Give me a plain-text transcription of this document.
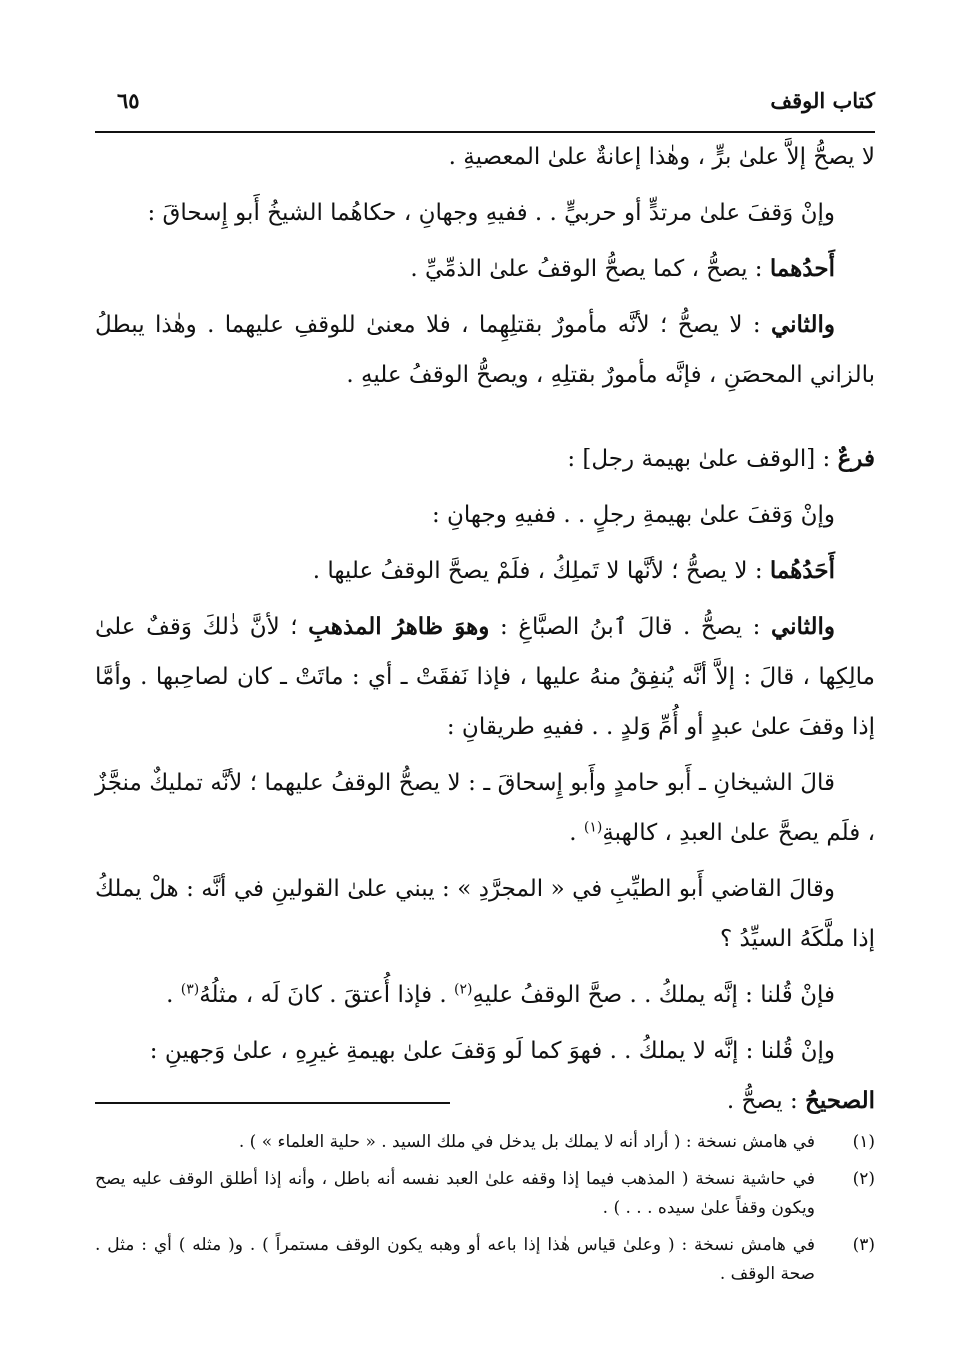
كتاب الوقف
٦٥

لا يصحُّ إلاَّ علىٰ برٍّ ، وهٰذا إعانةٌ علىٰ المعصيةِ .

وإنْ وَقفَ علىٰ مرتدٍّ أو حربيٍّ . . ففيهِ وجهانِ ، حكاهُما الشيخُ أَبو إِسحاقَ :

أَحدُهما : يصحُّ ، كما يصحُّ الوقفُ علىٰ الذمِّيِّ .

والثاني : لا يصحُّ ؛ لأنَّه مأمورٌ بقتلِهِما ، فلا معنىٰ للوقفِ عليهما . وهٰذا يبطلُ بالزاني المحصَنِ ، فإنَّه مأمورٌ بقتلِهِ ، ويصحُّ الوقفُ عليهِ .

فرعٌ : [الوقف علىٰ بهيمة رجل] :

وإنْ وَقفَ علىٰ بهيمةِ رجلٍ . . ففيهِ وجهانِ :

أَحَدُهُما : لا يصحُّ ؛ لأنَّها لا تَملِكُ ، فلَمْ يصحَّ الوقفُ عليها .

والثاني : يصحُّ . قالَ ٱبنُ الصبَّاغِ : وهوَ ظاهرُ المذهبِ ؛ لأنَّ ذٰلكَ وَقفٌ علىٰ مالِكِها ، قالَ : إلاَّ أنَّه يُنفِقُ منهُ عليها ، فإذا نَفقَتْ ـ أي : ماتَتْ ـ كان لصاحِبها . وأمَّا إذا وقفَ علىٰ عبدٍ أو أُمِّ وَلدٍ . . ففيهِ طريقانِ :

قالَ الشيخانِ ـ أَبو حامدٍ وأَبو إِسحاقَ ـ : لا يصحُّ الوقفُ عليهما ؛ لأنَّه تمليكٌ منجَّزٌ ، فلَم يصحَّ علىٰ العبدِ ، كالهبةِ$^{(١)}$ .

وقالَ القاضي أَبو الطيِّبِ في « المجرَّدِ » : يبني علىٰ القولينِ في أنَّه : هلْ يملكُ إذا ملَّكَهُ السيِّدُ ؟

فإنْ قُلنا : إنَّه يملكُ . . صحَّ الوقفُ عليهِ$^{(٢)}$ . فإذا أُعتقَ . كانَ لَه ، مثلُهُ$^{(٣)}$ .

وإنْ قُلنا : إنَّه لا يملكُ . . فهوَ كما لَو وَقفَ علىٰ بهيمةِ غيرِهِ ، علىٰ وَجهينِ :

الصحيحُ : يصحُّ .

(١)
في هامش نسخة : ( أراد أنه لا يملك بل يدخل في ملك السيد . « حلية العلماء » ) .
(٢)
في حاشية نسخة ( المذهب فيما إذا وقفه علىٰ العبد نفسه أنه باطل ، وأنه إذا أطلق الوقف عليه يصح ويكون وقفاً علىٰ سيده . . . ) .
(٣)
في هامش نسخة : ( وعلىٰ قياس هٰذا إذا باعه أو وهبه يكون الوقف مستمراً ) . و( مثله ) أي : مثل . صحة الوقف .
